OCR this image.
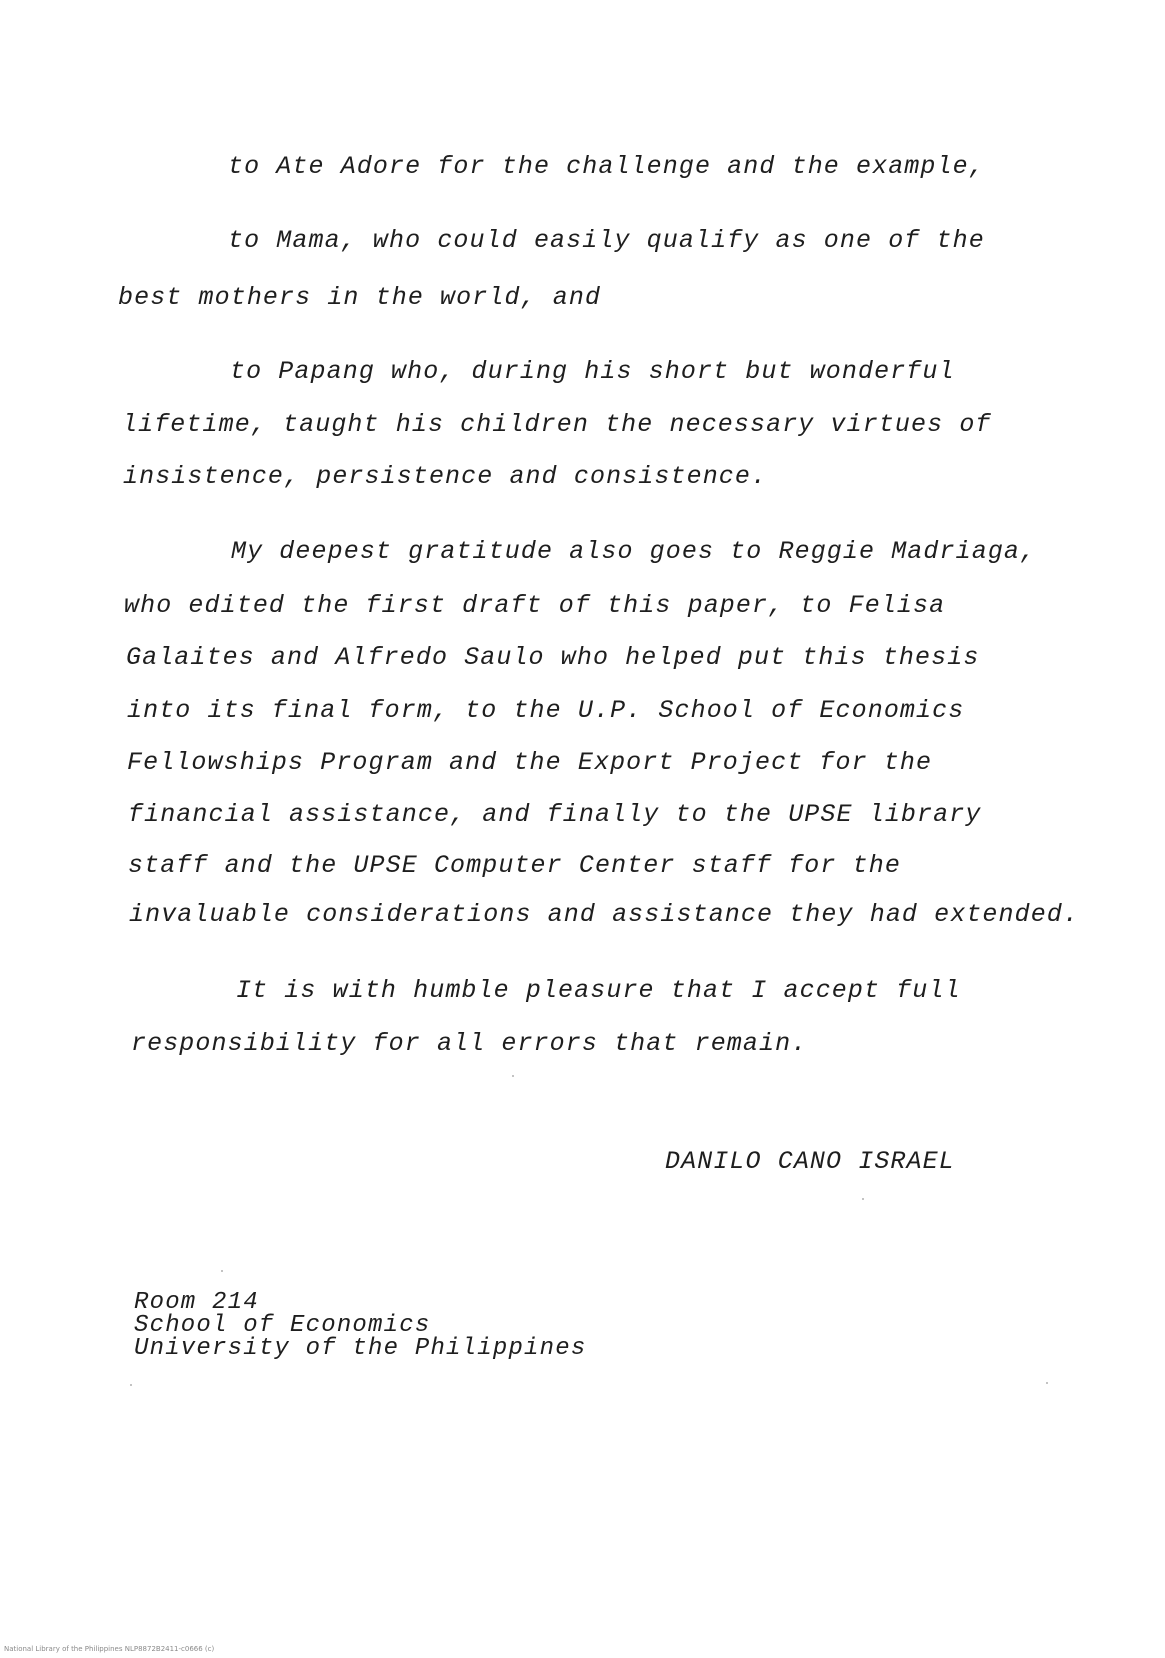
to Ate Adore for the challenge and the example,
to Mama, who could easily qualify as one of the
best mothers in the world, and
to Papang who, during his short but wonderful
lifetime, taught his children the necessary virtues of
insistence, persistence and consistence.
My deepest gratitude also goes to Reggie Madriaga,
who edited the first draft of this paper, to Felisa
Galaites and Alfredo Saulo who helped put this thesis
into its final form, to the U.P. School of Economics
Fellowships Program and the Export Project for the
financial assistance, and finally to the UPSE library
staff and the UPSE Computer Center staff for the
invaluable considerations and assistance they had extended.
It is with humble pleasure that I accept full
responsibility for all errors that remain.
DANILO CANO ISRAEL
Room 214
School of Economics
University of the Philippines
National Library of the Philippines NLP8872B2411-c0666 (c)
